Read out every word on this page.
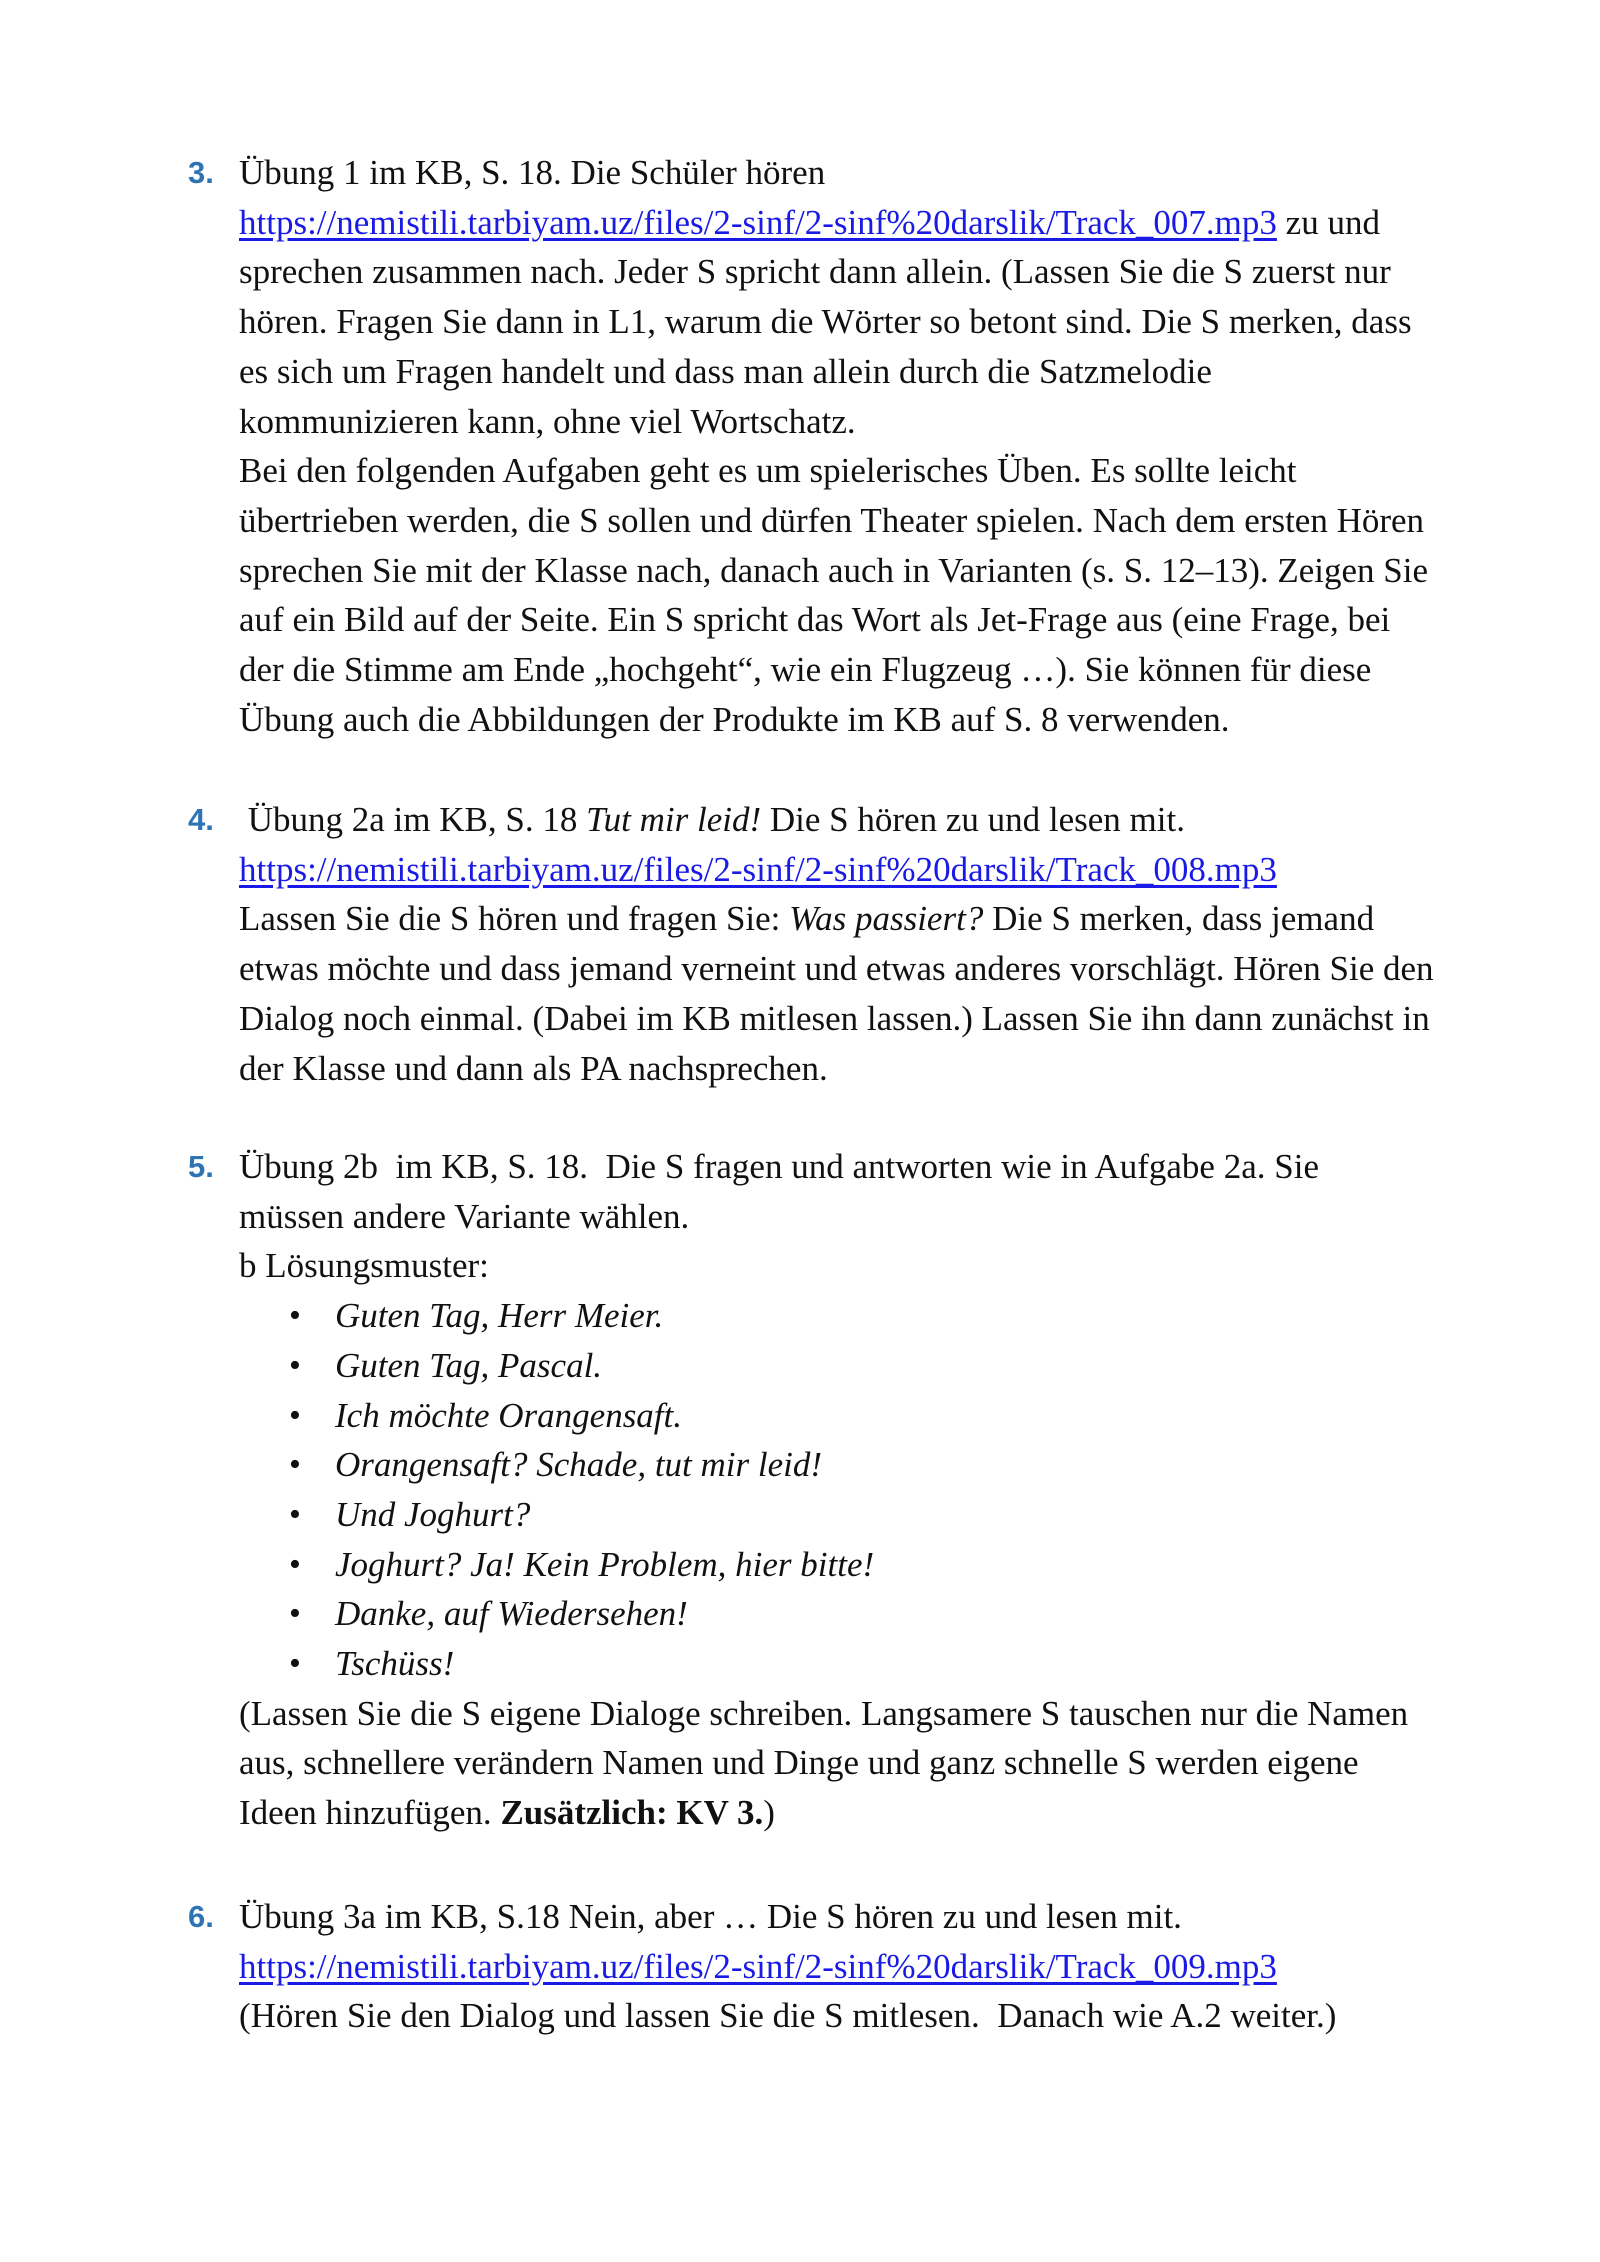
3. Übung 1 im KB, S. 18. Die Schüler hören
https://nemistili.tarbiyam.uz/files/2-sinf/2-sinf%20darslik/Track_007.mp3 zu und
sprechen zusammen nach. Jeder S spricht dann allein. (Lassen Sie die S zuerst nur
hören. Fragen Sie dann in L1, warum die Wörter so betont sind. Die S merken, dass
es sich um Fragen handelt und dass man allein durch die Satzmelodie
kommunizieren kann, ohne viel Wortschatz.
Bei den folgenden Aufgaben geht es um spielerisches Üben. Es sollte leicht
übertrieben werden, die S sollen und dürfen Theater spielen. Nach dem ersten Hören
sprechen Sie mit der Klasse nach, danach auch in Varianten (s. S. 12–13). Zeigen Sie
auf ein Bild auf der Seite. Ein S spricht das Wort als Jet-Frage aus (eine Frage, bei
der die Stimme am Ende „hochgeht“, wie ein Flugzeug …). Sie können für diese
Übung auch die Abbildungen der Produkte im KB auf S. 8 verwenden.
4. Übung 2a im KB, S. 18 Tut mir leid! Die S hören zu und lesen mit.
https://nemistili.tarbiyam.uz/files/2-sinf/2-sinf%20darslik/Track_008.mp3
Lassen Sie die S hören und fragen Sie: Was passiert? Die S merken, dass jemand
etwas möchte und dass jemand verneint und etwas anderes vorschlägt. Hören Sie den
Dialog noch einmal. (Dabei im KB mitlesen lassen.) Lassen Sie ihn dann zunächst in
der Klasse und dann als PA nachsprechen.
5. Übung 2b  im KB, S. 18.  Die S fragen und antworten wie in Aufgabe 2a. Sie
müssen andere Variante wählen.
b Lösungsmuster:
• Guten Tag, Herr Meier.
• Guten Tag, Pascal.
• Ich möchte Orangensaft.
• Orangensaft? Schade, tut mir leid!
• Und Joghurt?
• Joghurt? Ja! Kein Problem, hier bitte!
• Danke, auf Wiedersehen!
• Tschüss!
(Lassen Sie die S eigene Dialoge schreiben. Langsamere S tauschen nur die Namen
aus, schnellere verändern Namen und Dinge und ganz schnelle S werden eigene
Ideen hinzufügen. Zusätzlich: KV 3.)
6. Übung 3a im KB, S.18 Nein, aber … Die S hören zu und lesen mit.
https://nemistili.tarbiyam.uz/files/2-sinf/2-sinf%20darslik/Track_009.mp3
(Hören Sie den Dialog und lassen Sie die S mitlesen.  Danach wie A.2 weiter.)
